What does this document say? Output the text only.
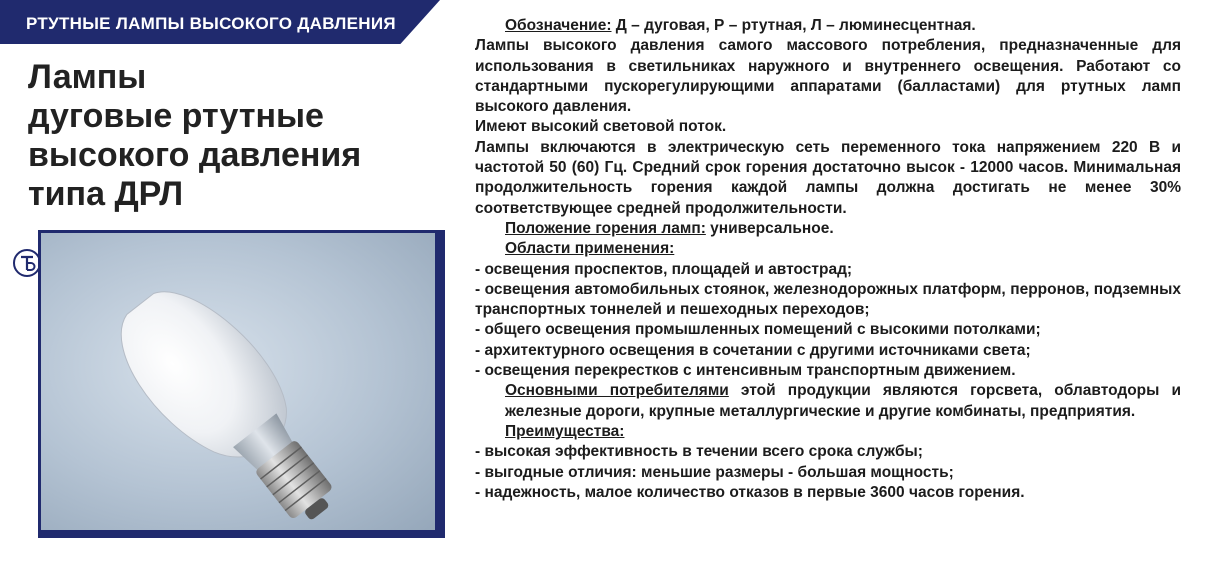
РТУТНЫЕ ЛАМПЫ ВЫСОКОГО ДАВЛЕНИЯ
Лампы
дуговые ртутные
высокого давления
типа ДРЛ

Обозначение: Д – дуговая, Р – ртутная, Л – люминесцентная.

Лампы высокого давления самого массового потребления, предназначенные для использования в светильниках наружного и внутреннего освещения. Работают со стандартными пускорегулирующими аппаратами (балластами) для ртутных ламп высокого давления.

Имеют высокий световой поток.

Лампы включаются в электрическую сеть переменного тока напряжением 220 В и частотой 50 (60) Гц. Средний срок горения достаточно высок - 12000 часов. Минимальная продолжительность горения каждой лампы должна достигать не менее 30% соответствующее средней продолжительности.

Положение горения ламп: универсальное.

Области применения:

- освещения проспектов, площадей и автострад;

- освещения автомобильных стоянок, железнодорожных платформ, перронов, подземных транспортных тоннелей и пешеходных переходов;

- общего освещения промышленных помещений с высокими потолками;

- архитектурного освещения в сочетании с другими источниками света;

- освещения перекрестков с интенсивным транспортным движением.

Основными потребителями этой продукции являются горсвета, облавтодоры и железные дороги, крупные металлургические и другие комбинаты, предприятия.

Преимущества:

- высокая эффективность в течении всего срока службы;

- выгодные отличия: меньшие размеры - большая мощность;

- надежность, малое количество отказов в первые 3600 часов горения.
